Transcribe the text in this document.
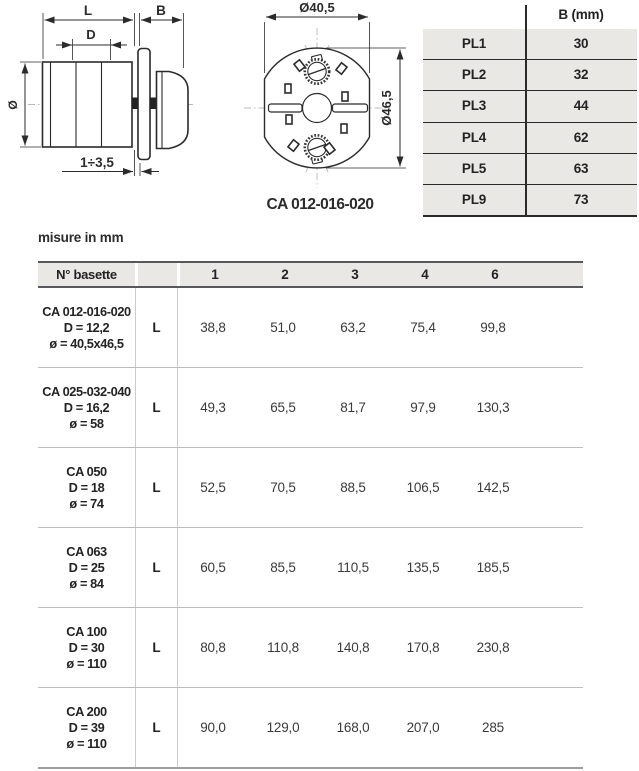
L	B
D
Ø
1÷3,5
Ø40,5
Ø46,5
CA 012-016-020
B (mm)
PL1	30
PL2	32
PL3	44
PL4	62
PL5	63
PL9	73
misure in mm
N° basette	1	2	3	4	6
CA 012-016-020
D = 12,2
ø = 40,5x46,5
L	38,8	51,0	63,2	75,4	99,8
CA 025-032-040
D = 16,2
ø = 58
L	49,3	65,5	81,7	97,9	130,3
CA 050
D = 18
ø = 74
L	52,5	70,5	88,5	106,5	142,5
CA 063
D = 25
ø = 84
L	60,5	85,5	110,5	135,5	185,5
CA 100
D = 30
ø = 110
L	80,8	110,8	140,8	170,8	230,8
CA 200
D = 39
ø = 110
L	90,0	129,0	168,0	207,0	285
